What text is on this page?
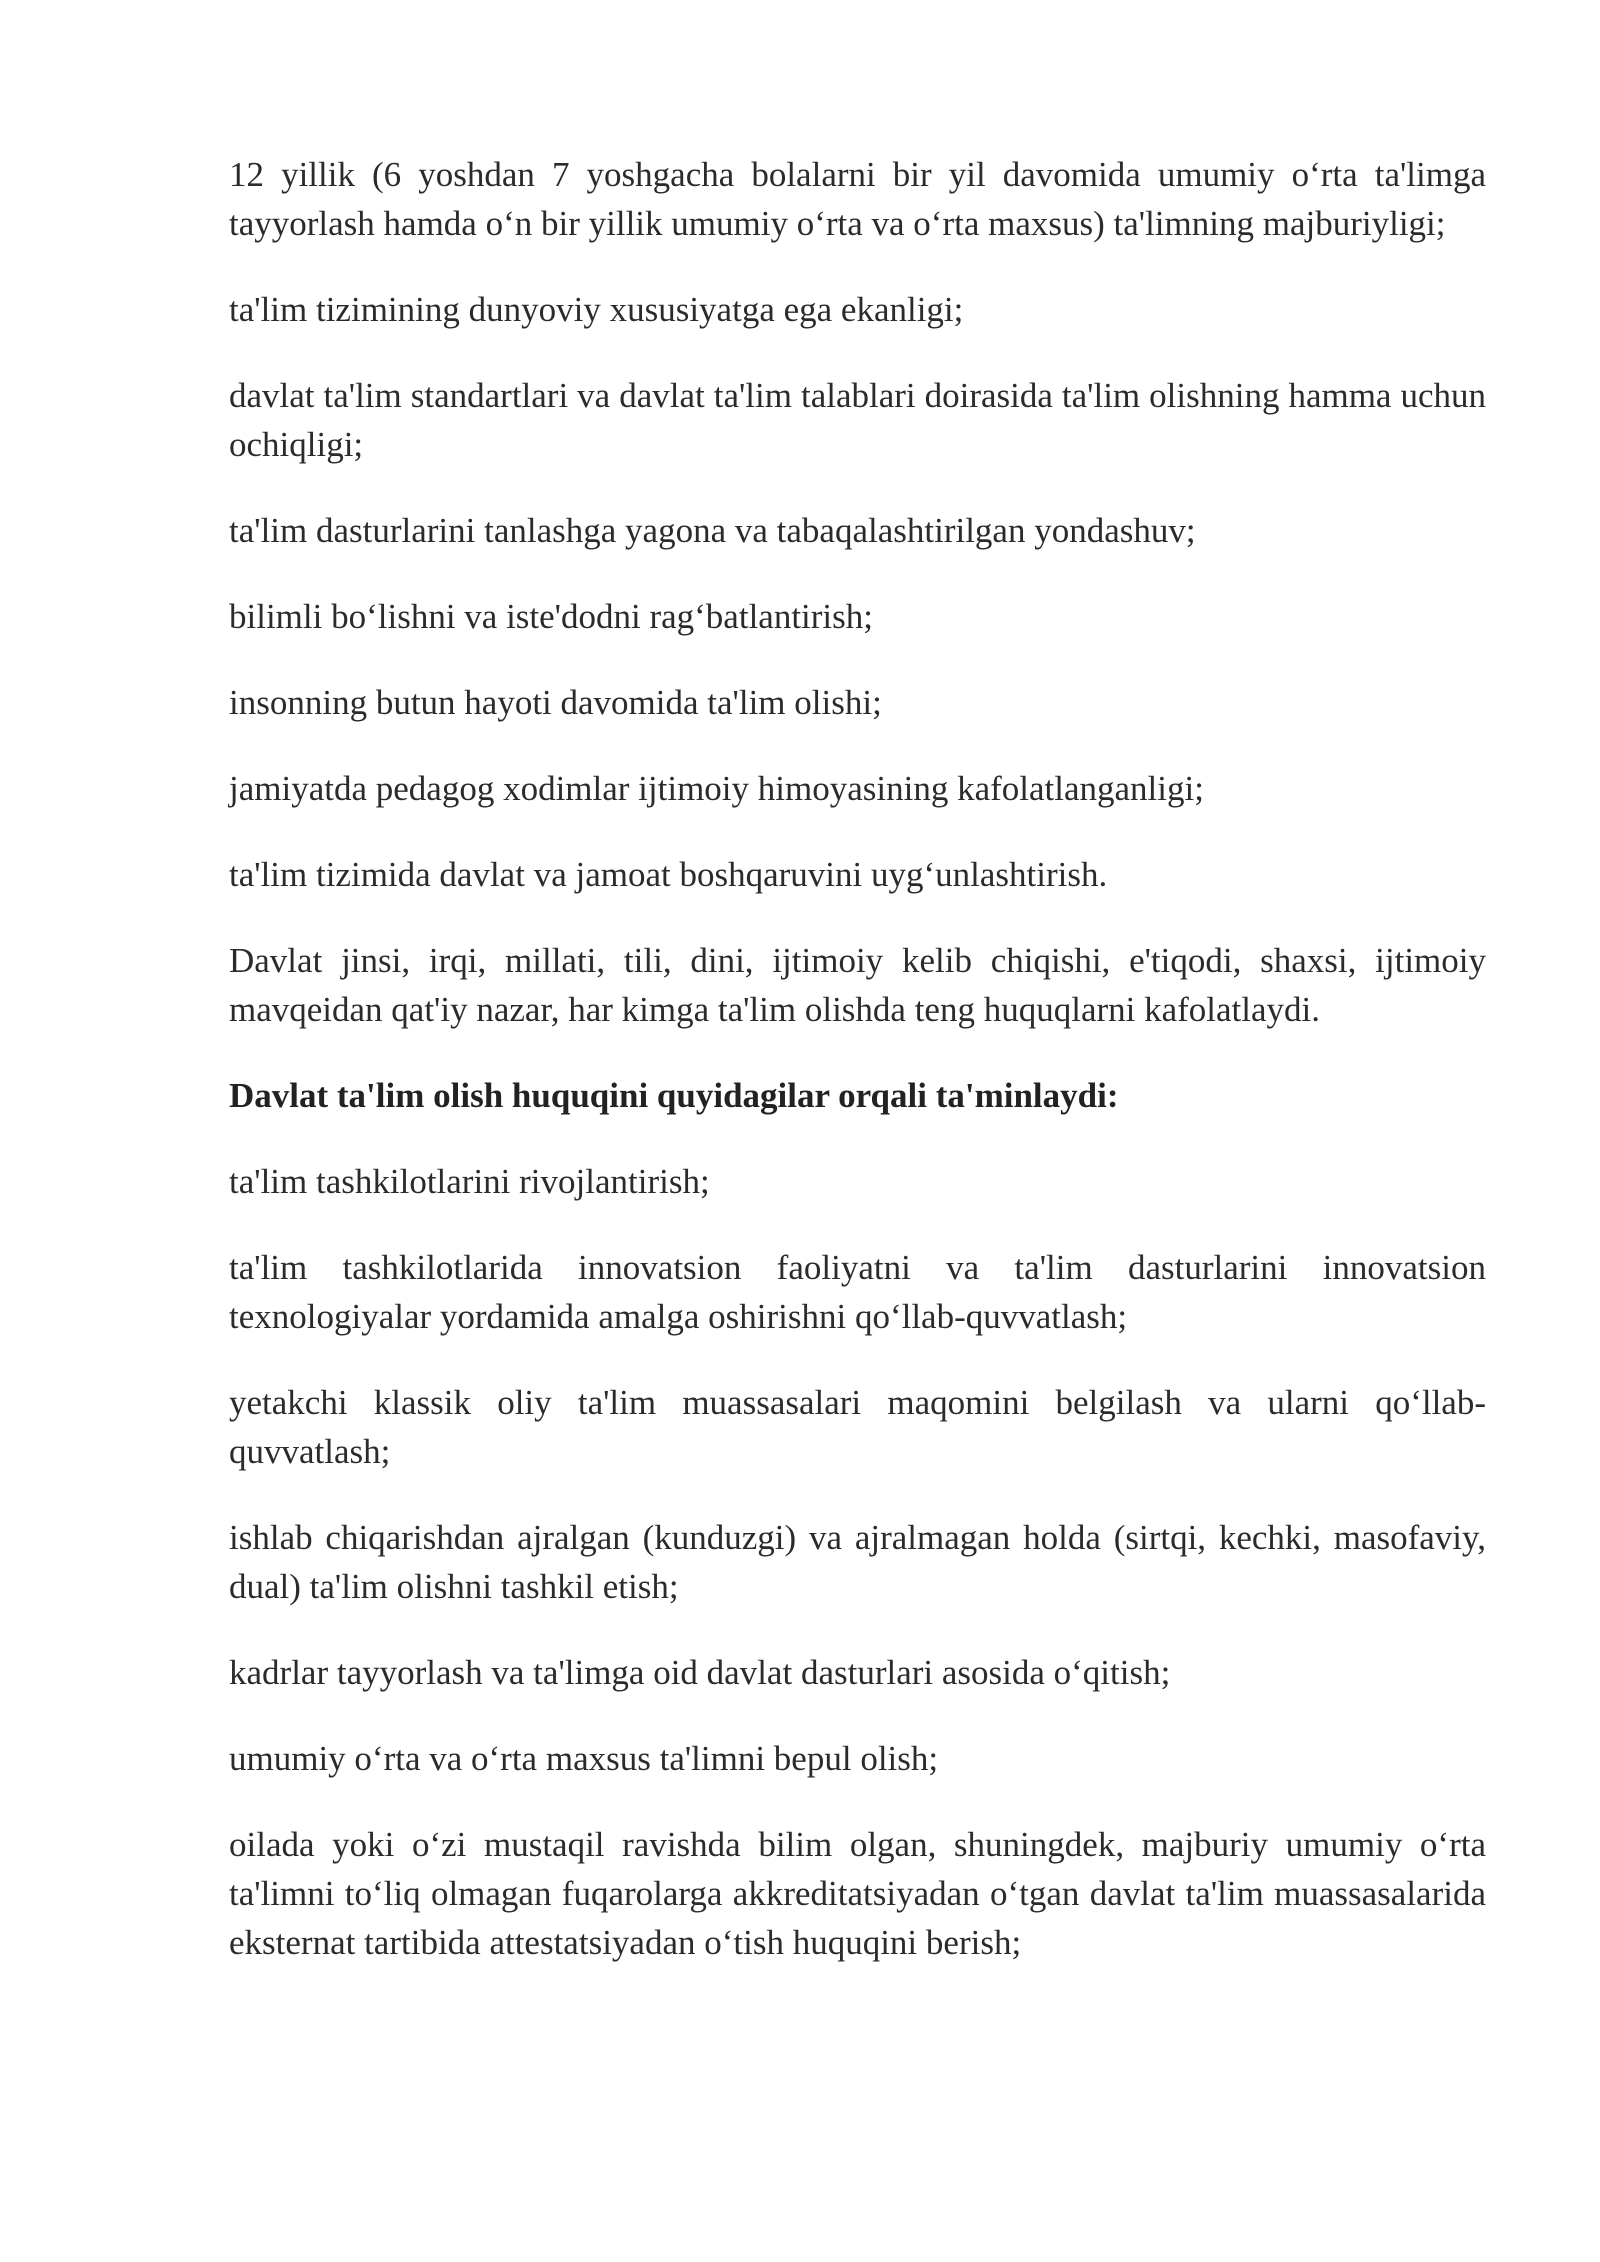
12 yillik (6 yoshdan 7 yoshgacha bolalarni bir yil davomida umumiy o‘rta ta'limga tayyorlash hamda o‘n bir yillik umumiy o‘rta va o‘rta maxsus) ta'limning majburiyligi;

ta'lim tizimining dunyoviy xususiyatga ega ekanligi;

davlat ta'lim standartlari va davlat ta'lim talablari doirasida ta'lim olishning hamma uchun ochiqligi;

ta'lim dasturlarini tanlashga yagona va tabaqalashtirilgan yondashuv;

bilimli bo‘lishni va iste'dodni rag‘batlantirish;

insonning butun hayoti davomida ta'lim olishi;

jamiyatda pedagog xodimlar ijtimoiy himoyasining kafolatlanganligi;

ta'lim tizimida davlat va jamoat boshqaruvini uyg‘unlashtirish.

Davlat jinsi, irqi, millati, tili, dini, ijtimoiy kelib chiqishi, e'tiqodi, shaxsi, ijtimoiy mavqeidan qat'iy nazar, har kimga ta'lim olishda teng huquqlarni kafolatlaydi.

Davlat ta'lim olish huquqini quyidagilar orqali ta'minlaydi:

ta'lim tashkilotlarini rivojlantirish;

ta'lim tashkilotlarida innovatsion faoliyatni va ta'lim dasturlarini innovatsion texnologiyalar yordamida amalga oshirishni qo‘llab-quvvatlash;

yetakchi klassik oliy ta'lim muassasalari maqomini belgilash va ularni qo‘llab-quvvatlash;

ishlab chiqarishdan ajralgan (kunduzgi) va ajralmagan holda (sirtqi, kechki, masofaviy, dual) ta'lim olishni tashkil etish;

kadrlar tayyorlash va ta'limga oid davlat dasturlari asosida o‘qitish;

umumiy o‘rta va o‘rta maxsus ta'limni bepul olish;

oilada yoki o‘zi mustaqil ravishda bilim olgan, shuningdek, majburiy umumiy o‘rta ta'limni to‘liq olmagan fuqarolarga akkreditatsiyadan o‘tgan davlat ta'lim muassasalarida eksternat tartibida attestatsiyadan o‘tish huquqini berish;
